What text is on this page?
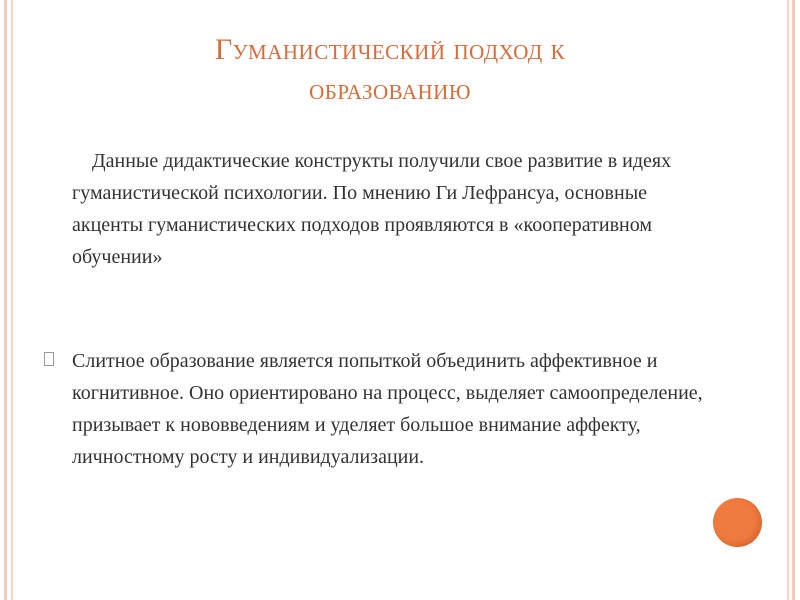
Гуманистический подход к
образованию

Данные дидактические конструкты получили свое развитие в идеях гуманистической психологии. По мнению Ги Лефрансуа, основные акценты гуманистических подходов проявляются в «кооперативном обучении»

Слитное образование является попыткой объединить аффективное и когнитивное. Оно ориентировано на процесс, выделяет самоопределение, призывает к нововведениям и уделяет большое внимание аффекту, личностному росту и индивидуализации.
